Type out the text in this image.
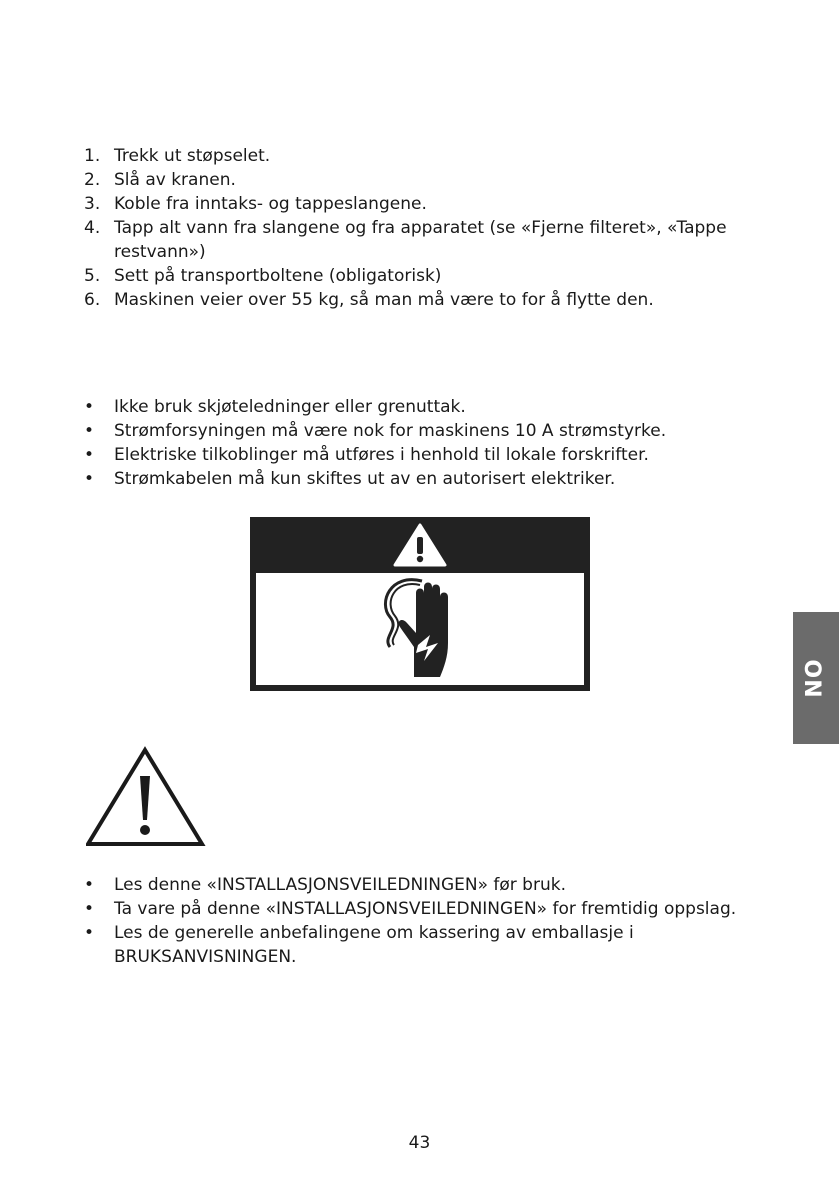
1. Trekk ut støpselet.
2. Slå av kranen.
3. Koble fra inntaks- og tappeslangene.
4. Tapp alt vann fra slangene og fra apparatet (se «Fjerne filteret», «Tappe restvann»)
5. Sett på transportboltene (obligatorisk)
6. Maskinen veier over 55 kg, så man må være to for å flytte den.
• Ikke bruk skjøteledninger eller grenuttak.
• Strømforsyningen må være nok for maskinens 10 A strømstyrke.
• Elektriske tilkoblinger må utføres i henhold til lokale forskrifter.
• Strømkabelen må kun skiftes ut av en autorisert elektriker.
• Les denne «INSTALLASJONSVEILEDNINGEN» før bruk.
• Ta vare på denne «INSTALLASJONSVEILEDNINGEN» for fremtidig oppslag.
• Les de generelle anbefalingene om kassering av emballasje i BRUKSANVISNINGEN.
NO
43
